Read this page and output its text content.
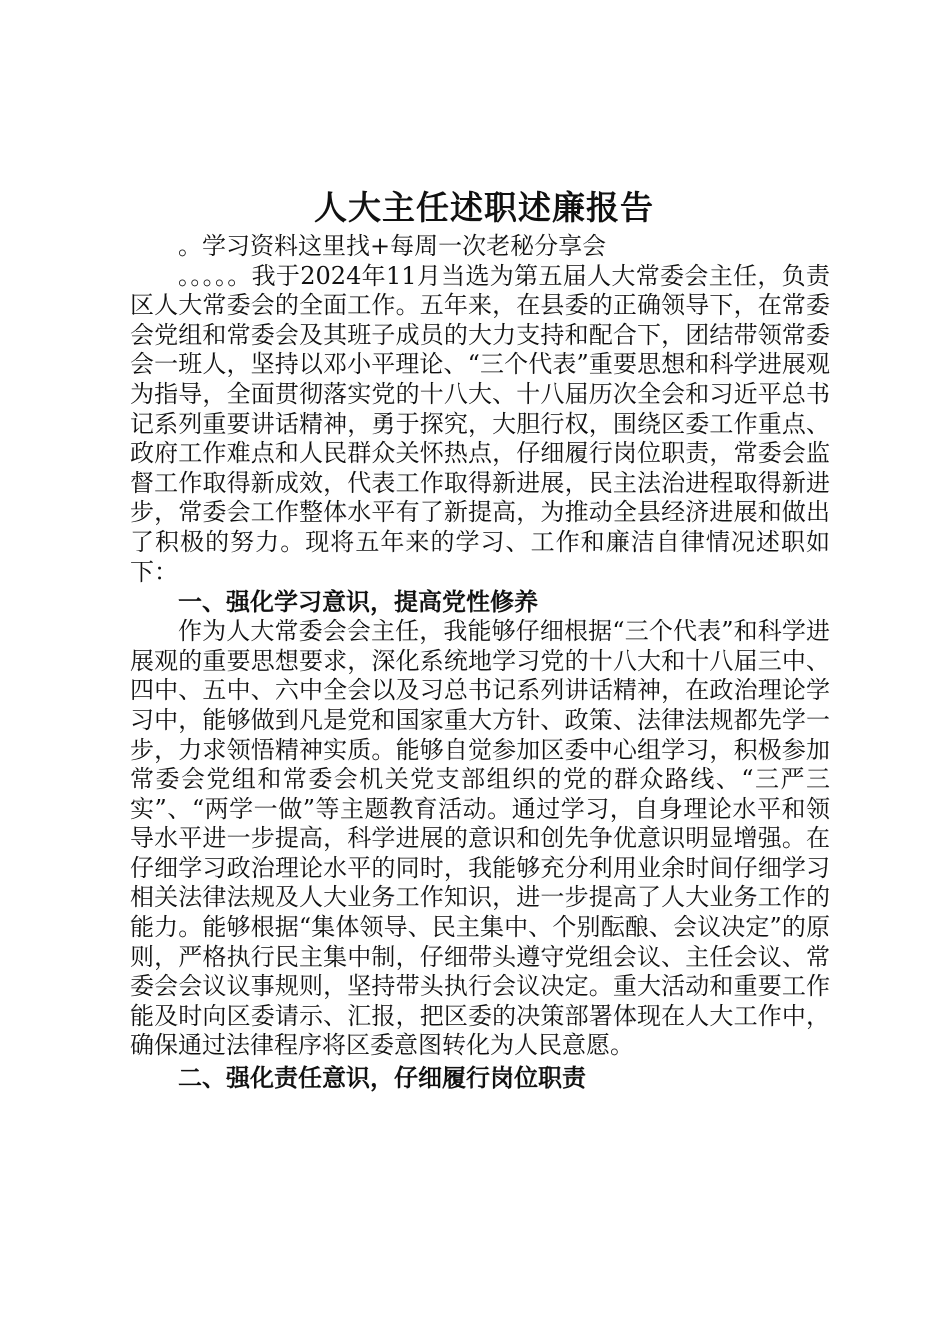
人大主任述职述廉报告

。学习资料这里找+每周一次老秘分享会

。。。。。我于2024年11月当选为第五届人大常委会主任，负责区人大常委会的全面工作。五年来，在县委的正确领导下，在常委会党组和常委会及其班子成员的大力支持和配合下，团结带领常委会一班人，坚持以邓小平理论、“三个代表”重要思想和科学进展观为指导，全面贯彻落实党的十八大、十八届历次全会和习近平总书记系列重要讲话精神，勇于探究，大胆行权，围绕区委工作重点、政府工作难点和人民群众关怀热点，仔细履行岗位职责，常委会监督工作取得新成效，代表工作取得新进展，民主法治进程取得新进步，常委会工作整体水平有了新提高，为推动全县经济进展和做出了积极的努力。现将五年来的学习、工作和廉洁自律情况述职如下：

一、强化学习意识，提高党性修养

作为人大常委会会主任，我能够仔细根据“三个代表”和科学进展观的重要思想要求，深化系统地学习党的十八大和十八届三中、四中、五中、六中全会以及习总书记系列讲话精神，在政治理论学习中，能够做到凡是党和国家重大方针、政策、法律法规都先学一步，力求领悟精神实质。能够自觉参加区委中心组学习，积极参加常委会党组和常委会机关党支部组织的党的群众路线、“三严三实”、“两学一做”等主题教育活动。通过学习，自身理论水平和领导水平进一步提高，科学进展的意识和创先争优意识明显增强。在仔细学习政治理论水平的同时，我能够充分利用业余时间仔细学习相关法律法规及人大业务工作知识，进一步提高了人大业务工作的能力。能够根据“集体领导、民主集中、个别酝酿、会议决定”的原则，严格执行民主集中制，仔细带头遵守党组会议、主任会议、常委会会议议事规则，坚持带头执行会议决定。重大活动和重要工作能及时向区委请示、汇报，把区委的决策部署体现在人大工作中，确保通过法律程序将区委意图转化为人民意愿。

二、强化责任意识，仔细履行岗位职责
